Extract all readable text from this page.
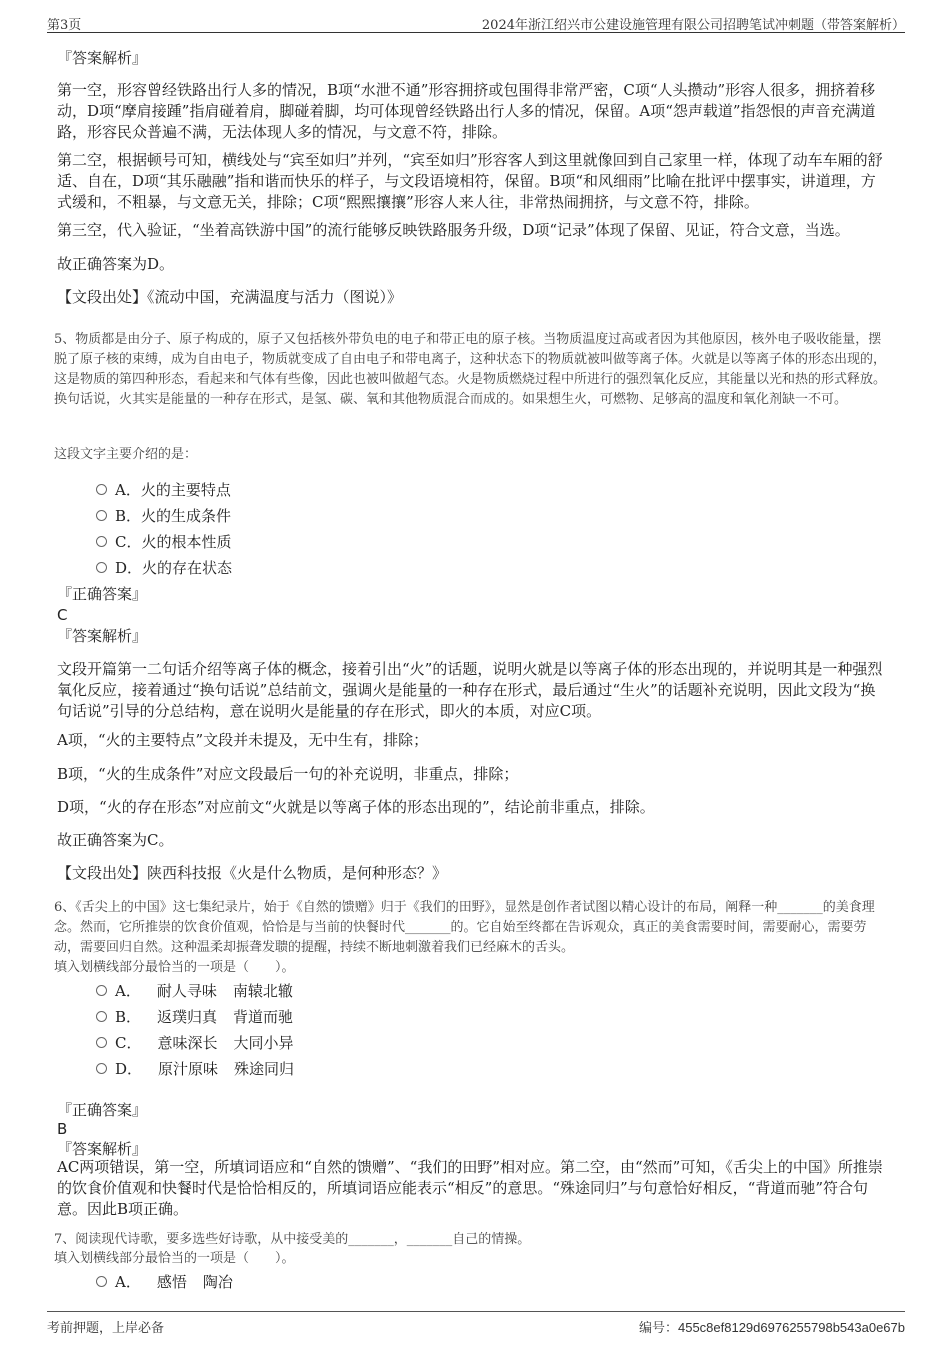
第3页	2024年浙江绍兴市公建设施管理有限公司招聘笔试冲刺题（带答案解析）

『答案解析』

第一空，形容曾经铁路出行人多的情况，B项“水泄不通”形容拥挤或包围得非常严密，C项“人头攒动”形容人很多，拥挤着移动，D项“摩肩接踵”指肩碰着肩，脚碰着脚，均可体现曾经铁路出行人多的情况，保留。A项“怨声载道”指怨恨的声音充满道路，形容民众普遍不满，无法体现人多的情况，与文意不符，排除。

第二空，根据顿号可知，横线处与“宾至如归”并列，“宾至如归”形容客人到这里就像回到自己家里一样，体现了动车车厢的舒适、自在，D项“其乐融融”指和谐而快乐的样子，与文段语境相符，保留。B项“和风细雨”比喻在批评中摆事实，讲道理，方式缓和，不粗暴，与文意无关，排除；C项“熙熙攘攘”形容人来人往，非常热闹拥挤，与文意不符，排除。

第三空，代入验证，“坐着高铁游中国”的流行能够反映铁路服务升级，D项“记录”体现了保留、见证，符合文意，当选。

故正确答案为D。

【文段出处】《流动中国，充满温度与活力（图说）》

5、物质都是由分子、原子构成的，原子又包括核外带负电的电子和带正电的原子核。当物质温度过高或者因为其他原因，核外电子吸收能量，摆脱了原子核的束缚，成为自由电子，物质就变成了自由电子和带电离子，这种状态下的物质就被叫做等离子体。火就是以等离子体的形态出现的，这是物质的第四种形态，看起来和气体有些像，因此也被叫做超气态。火是物质燃烧过程中所进行的强烈氧化反应，其能量以光和热的形式释放。换句话说，火其实是能量的一种存在形式，是氢、碳、氧和其他物质混合而成的。如果想生火，可燃物、足够高的温度和氧化剂缺一不可。

这段文字主要介绍的是：

A．火的主要特点

B．火的生成条件

C．火的根本性质

D．火的存在状态

『正确答案』

C

『答案解析』

文段开篇第一二句话介绍等离子体的概念，接着引出“火”的话题，说明火就是以等离子体的形态出现的，并说明其是一种强烈氧化反应，接着通过“换句话说”总结前文，强调火是能量的一种存在形式，最后通过“生火”的话题补充说明，因此文段为“换句话说”引导的分总结构，意在说明火是能量的存在形式，即火的本质，对应C项。

A项，“火的主要特点”文段并未提及，无中生有，排除；

B项，“火的生成条件”对应文段最后一句的补充说明，非重点，排除；

D项，“火的存在形态”对应前文“火就是以等离子体的形态出现的”，结论前非重点，排除。

故正确答案为C。

【文段出处】陕西科技报《火是什么物质，是何种形态？》

6、《舌尖上的中国》这七集纪录片，始于《自然的馈赠》归于《我们的田野》，显然是创作者试图以精心设计的布局，阐释一种_______的美食理念。然而，它所推崇的饮食价值观，恰恰是与当前的快餐时代_______的。它自始至终都在告诉观众，真正的美食需要时间，需要耐心，需要劳动，需要回归自然。这种温柔却振聋发聩的提醒，持续不断地刺激着我们已经麻木的舌头。

填入划横线部分最恰当的一项是（　　）。

A． 耐人寻味 南辕北辙

B． 返璞归真 背道而驰

C． 意味深长 大同小异

D． 原汁原味 殊途同归

『正确答案』

B

『答案解析』

AC两项错误，第一空，所填词语应和“自然的馈赠”、“我们的田野”相对应。第二空，由“然而”可知，《舌尖上的中国》所推崇的饮食价值观和快餐时代是恰恰相反的，所填词语应能表示“相反”的意思。“殊途同归”与句意恰好相反，“背道而驰”符合句意。因此B项正确。

7、阅读现代诗歌，要多选些好诗歌，从中接受美的_______，_______自己的情操。

填入划横线部分最恰当的一项是（　　）。

A． 感悟 陶冶

考前押题，上岸必备	编号：455c8ef8129d6976255798b543a0e67b
